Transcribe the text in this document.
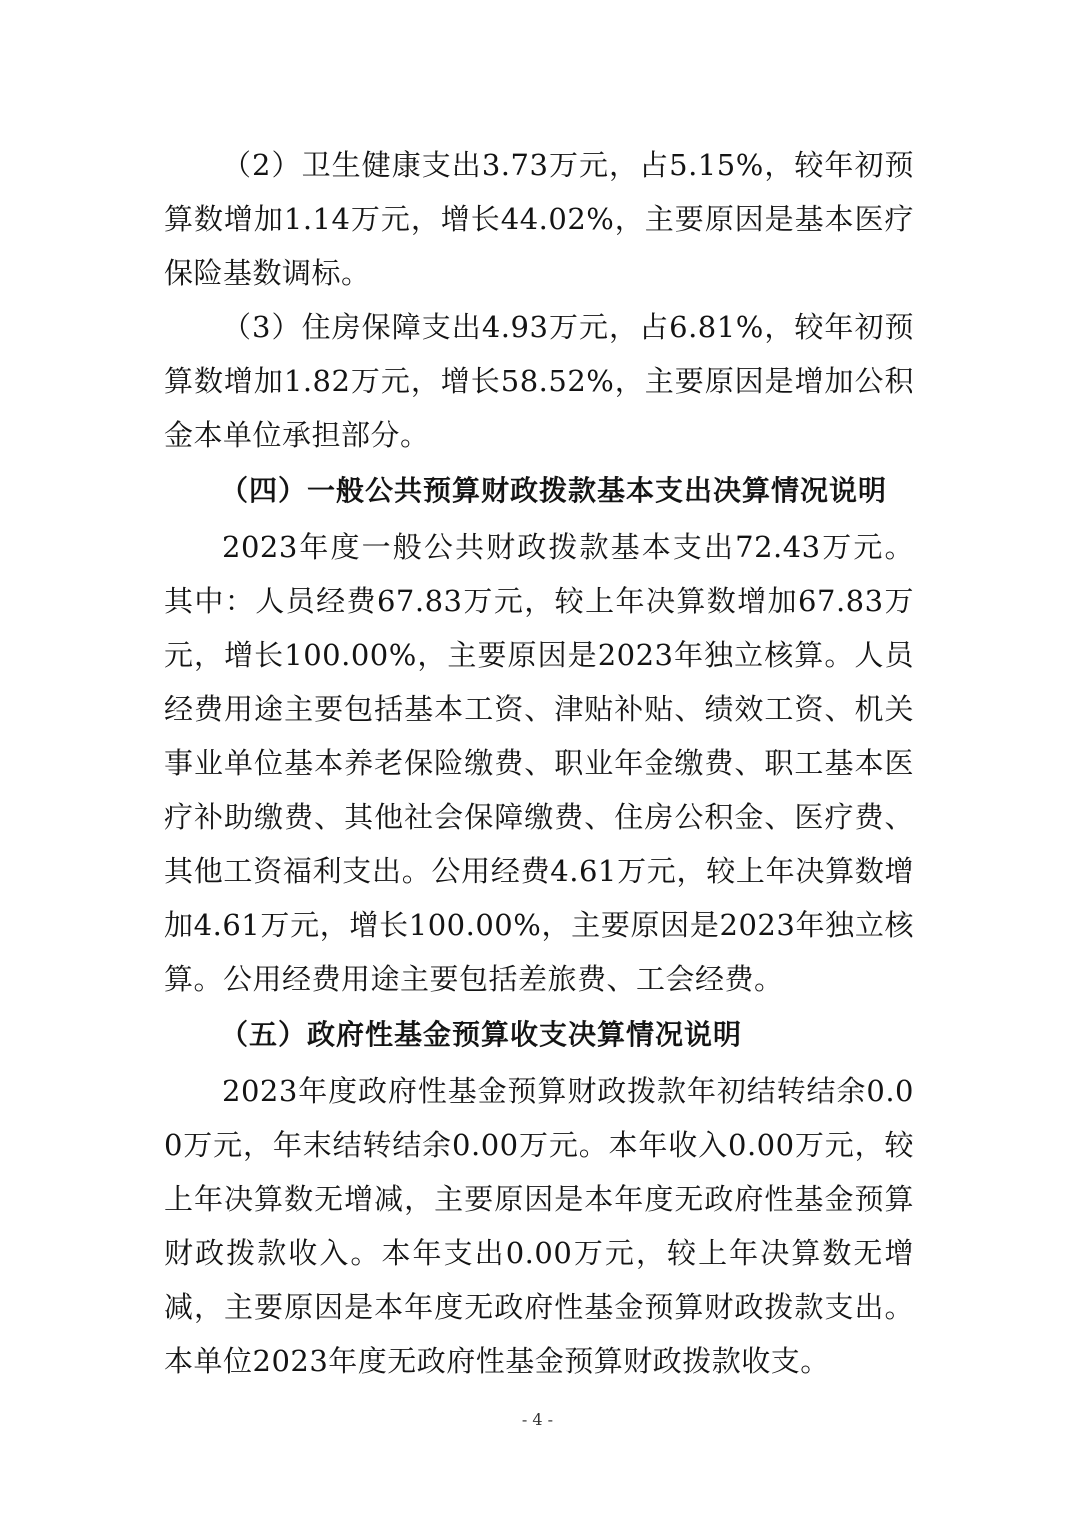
（2）卫生健康支出3.73万元，占5.15%，较年初预算数增加1.14万元，增长44.02%，主要原因是基本医疗保险基数调标。

（3）住房保障支出4.93万元，占6.81%，较年初预算数增加1.82万元，增长58.52%，主要原因是增加公积金本单位承担部分。

（四）一般公共预算财政拨款基本支出决算情况说明

2023年度一般公共财政拨款基本支出72.43万元。其中：人员经费67.83万元，较上年决算数增加67.83万元，增长100.00%，主要原因是2023年独立核算。人员经费用途主要包括基本工资、津贴补贴、绩效工资、机关事业单位基本养老保险缴费、职业年金缴费、职工基本医疗补助缴费、其他社会保障缴费、住房公积金、医疗费、其他工资福利支出。公用经费4.61万元，较上年决算数增加4.61万元，增长100.00%，主要原因是2023年独立核算。公用经费用途主要包括差旅费、工会经费。

（五）政府性基金预算收支决算情况说明

2023年度政府性基金预算财政拨款年初结转结余0.00万元，年末结转结余0.00万元。本年收入0.00万元，较上年决算数无增减，主要原因是本年度无政府性基金预算财政拨款收入。本年支出0.00万元，较上年决算数无增减，主要原因是本年度无政府性基金预算财政拨款支出。本单位2023年度无政府性基金预算财政拨款收支。

- 4 -
